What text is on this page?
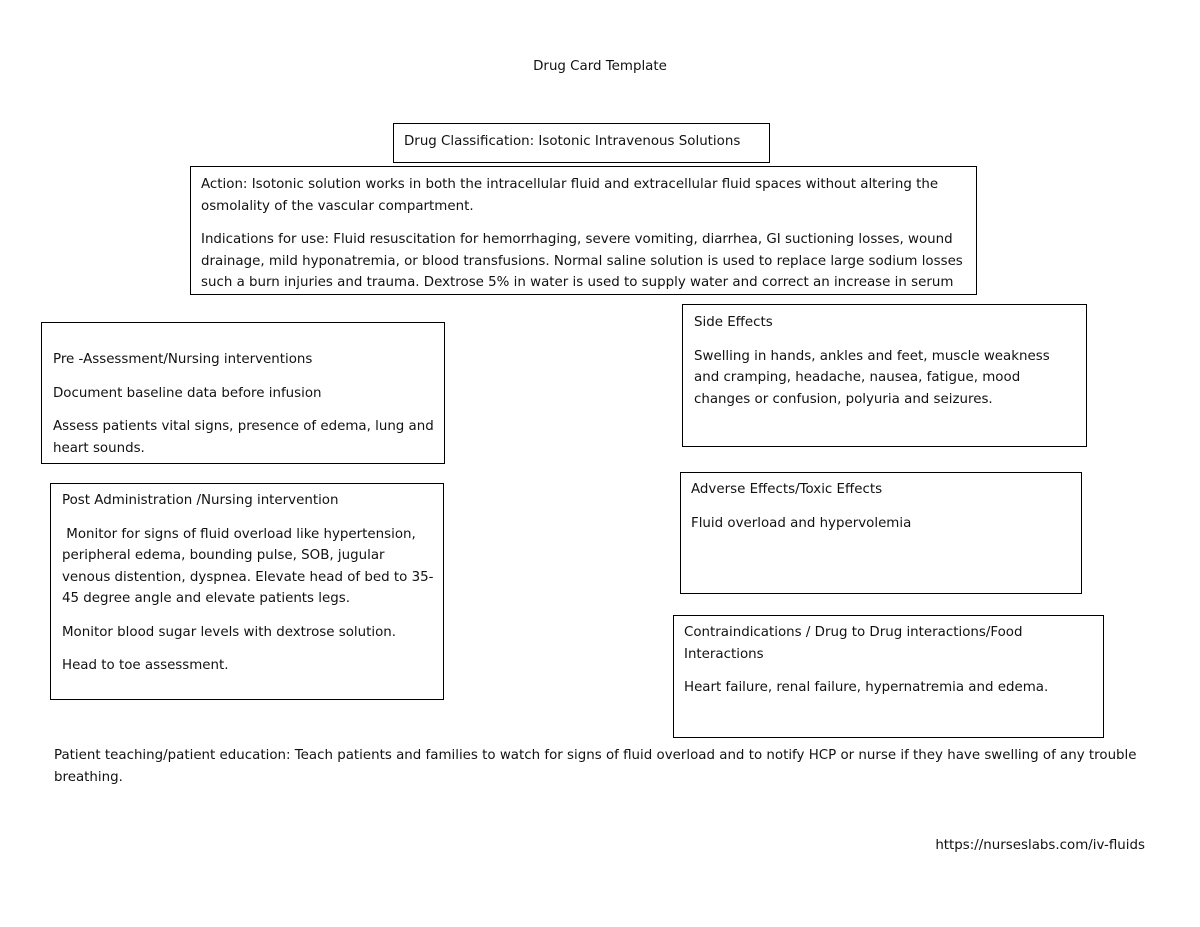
Drug Card Template

Drug Classification: Isotonic Intravenous Solutions

Action: Isotonic solution works in both the intracellular fluid and extracellular fluid spaces without altering the osmolality of the vascular compartment.

Indications for use: Fluid resuscitation for hemorrhaging, severe vomiting, diarrhea, GI suctioning losses, wound drainage, mild hyponatremia, or blood transfusions. Normal saline solution is used to replace large sodium losses such a burn injuries and trauma. Dextrose 5% in water is used to supply water and correct an increase in serum

Pre -Assessment/Nursing interventions

Document baseline data before infusion

Assess patients vital signs, presence of edema, lung and heart sounds.

Post Administration /Nursing intervention

Monitor for signs of fluid overload like hypertension, peripheral edema, bounding pulse, SOB, jugular venous distention, dyspnea. Elevate head of bed to 35-45 degree angle and elevate patients legs.

Monitor blood sugar levels with dextrose solution.

Head to toe assessment.

Side Effects

Swelling in hands, ankles and feet, muscle weakness and cramping, headache, nausea, fatigue, mood changes or confusion, polyuria and seizures.

Adverse Effects/Toxic Effects

Fluid overload and hypervolemia

Contraindications / Drug to Drug interactions/Food Interactions

Heart failure, renal failure, hypernatremia and edema.

Patient teaching/patient education: Teach patients and families to watch for signs of fluid overload and to notify HCP or nurse if they have swelling of any trouble breathing.
https://nurseslabs.com/iv-fluids
